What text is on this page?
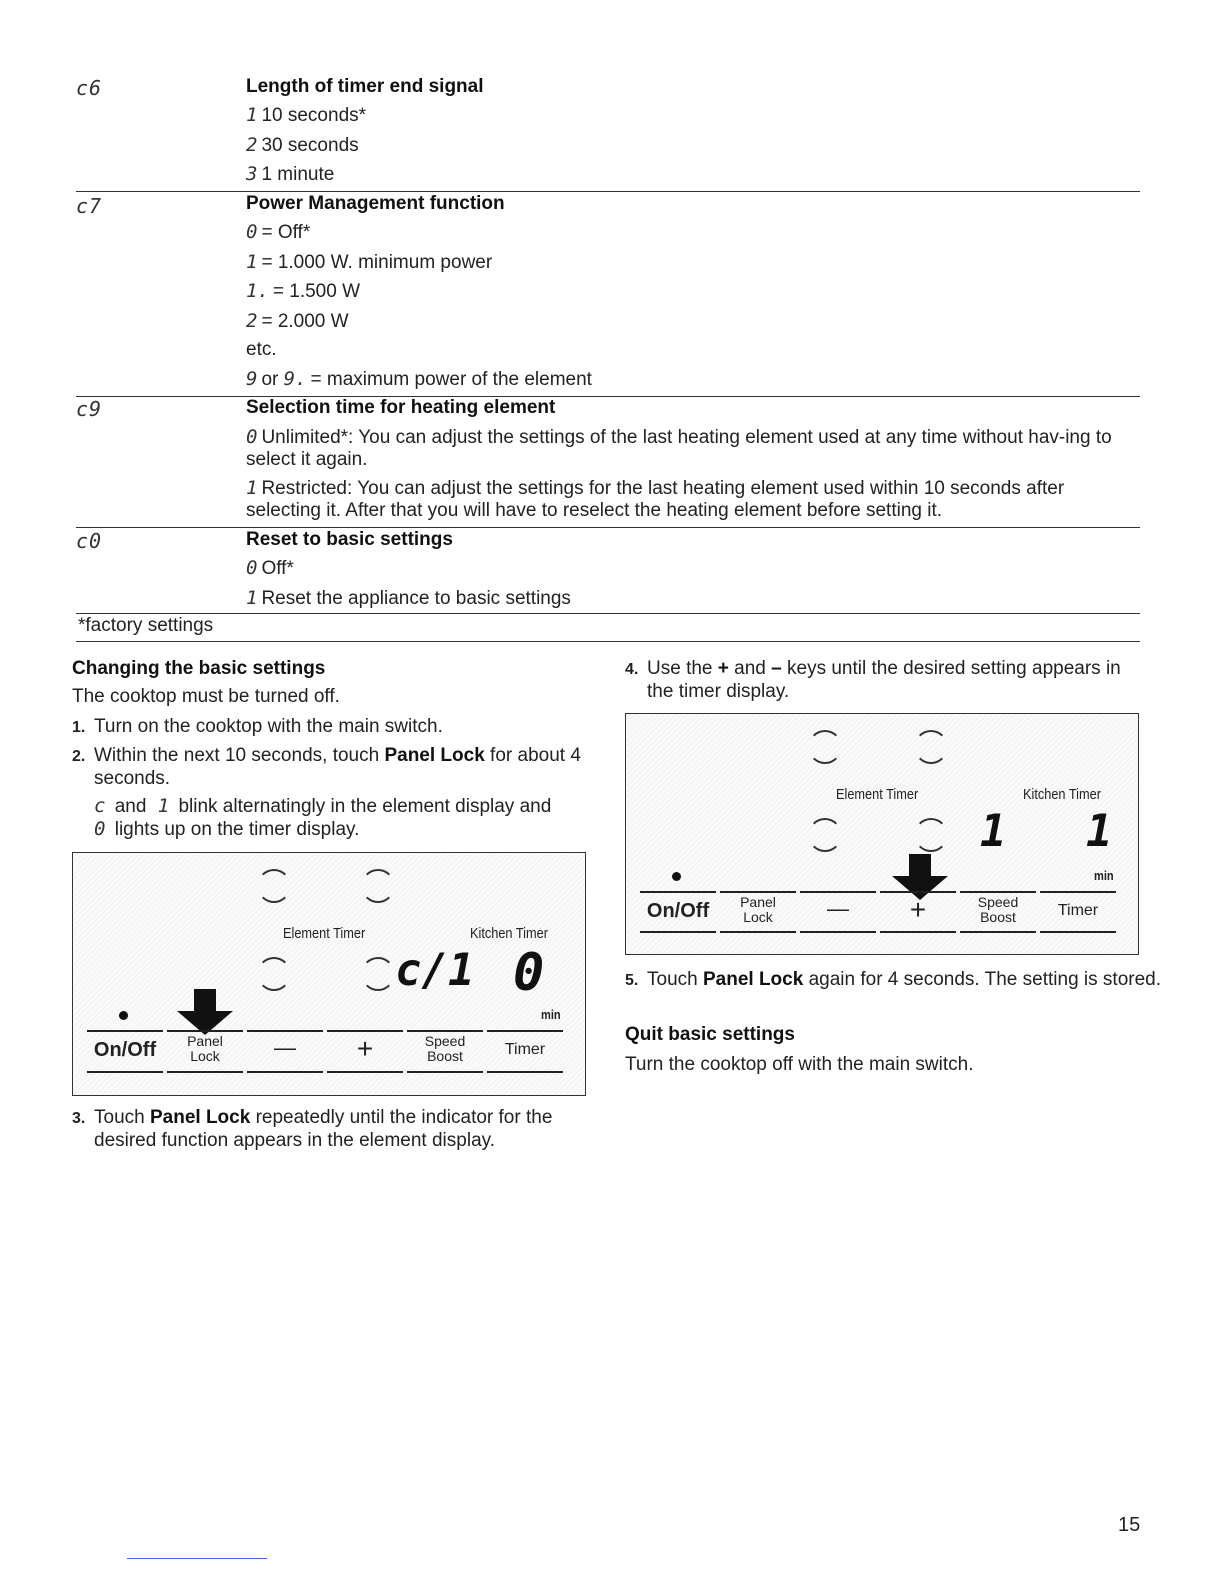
c6	Length of timer end signal
1 10 seconds*
2 30 seconds
3 1 minute
c7	Power Management function
0 = Off*
1 = 1.000 W. minimum power
1. = 1.500 W
2 = 2.000 W
etc.
9 or 9. = maximum power of the element
c9	Selection time for heating element
0 Unlimited*: You can adjust the settings of the last heating element used at any time without hav-ing to select it again.
1 Restricted: You can adjust the settings for the last heating element used within 10 seconds after selecting it. After that you will have to reselect the heating element before setting it.
c0	Reset to basic settings
0 Off*
1 Reset the appliance to basic settings
*factory settings
Changing the basic settings
The cooktop must be turned off.
1. Turn on the cooktop with the main switch.
2. Within the next 10 seconds, touch Panel Lock for about 4 seconds.
c and 1 blink alternatingly in the element display and
0 lights up on the timer display.
Element Timer	Kitchen Timer
c/1 0
min
On/Off	Panel
Lock	—	+	Speed
Boost	Timer
3. Touch Panel Lock repeatedly until the indicator for the desired function appears in the element display.
4. Use the + and – keys until the desired setting appears in the timer display.
Element Timer	Kitchen Timer
1 1
min
On/Off	Panel
Lock	—	+	Speed
Boost	Timer
5. Touch Panel Lock again for 4 seconds. The setting is stored.
Quit basic settings
Turn the cooktop off with the main switch.
15
